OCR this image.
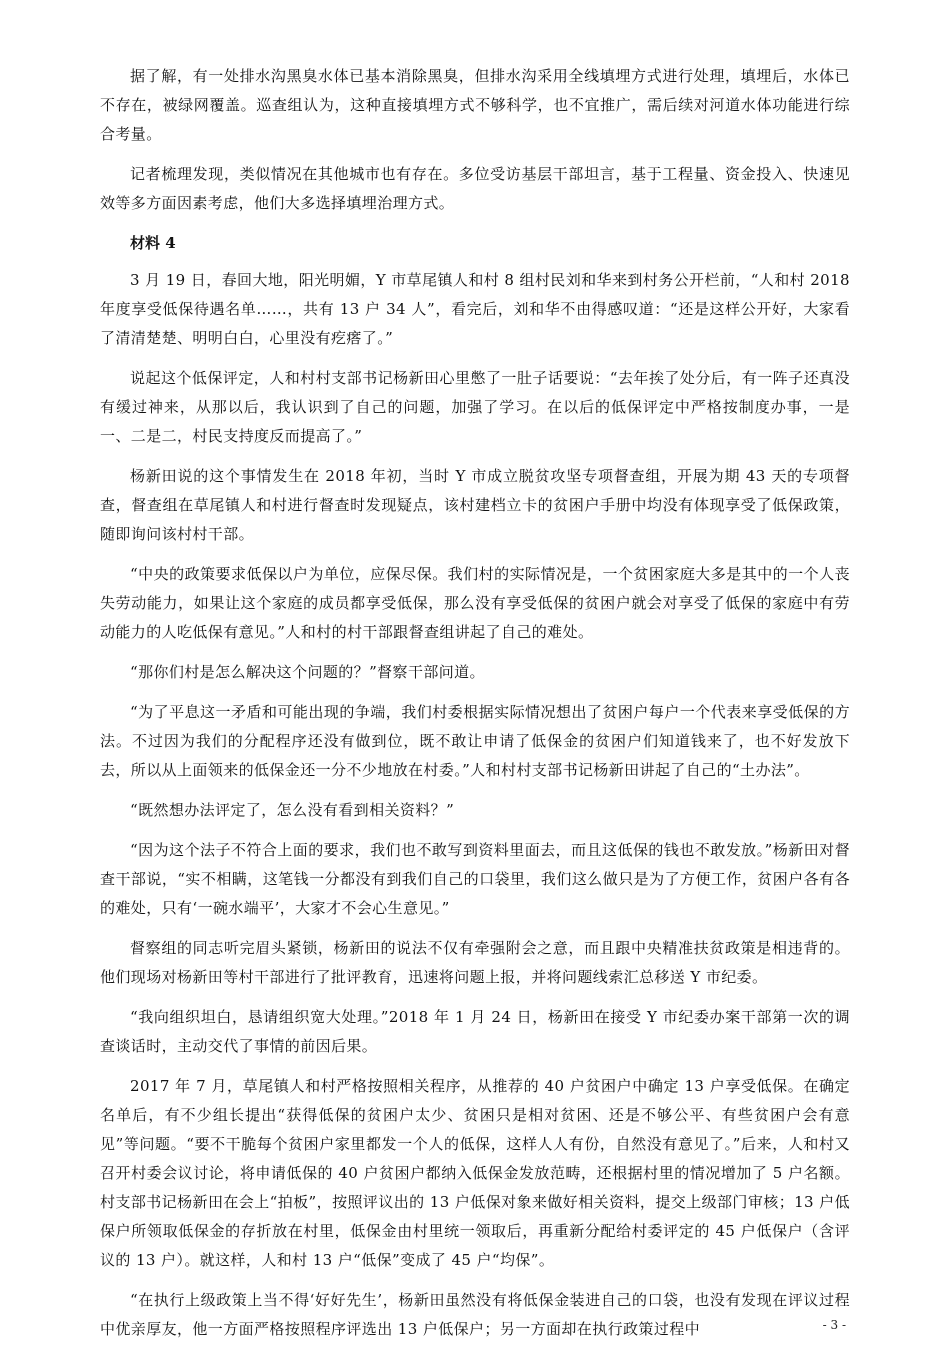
据了解，有一处排水沟黑臭水体已基本消除黑臭，但排水沟采用全线填埋方式进行处理，填埋后，水体已不存在，被绿网覆盖。巡查组认为，这种直接填埋方式不够科学，也不宜推广，需后续对河道水体功能进行综合考量。

记者梳理发现，类似情况在其他城市也有存在。多位受访基层干部坦言，基于工程量、资金投入、快速见效等多方面因素考虑，他们大多选择填埋治理方式。

材料 4

3 月 19 日，春回大地，阳光明媚，Y 市草尾镇人和村 8 组村民刘和华来到村务公开栏前，“人和村 2018 年度享受低保待遇名单……，共有 13 户 34 人”，看完后，刘和华不由得感叹道：“还是这样公开好，大家看了清清楚楚、明明白白，心里没有疙瘩了。”

说起这个低保评定，人和村村支部书记杨新田心里憋了一肚子话要说：“去年挨了处分后，有一阵子还真没有缓过神来，从那以后，我认识到了自己的问题，加强了学习。在以后的低保评定中严格按制度办事，一是一、二是二，村民支持度反而提高了。”

杨新田说的这个事情发生在 2018 年初，当时 Y 市成立脱贫攻坚专项督查组，开展为期 43 天的专项督查，督查组在草尾镇人和村进行督查时发现疑点，该村建档立卡的贫困户手册中均没有体现享受了低保政策，随即询问该村村干部。

“中央的政策要求低保以户为单位，应保尽保。我们村的实际情况是，一个贫困家庭大多是其中的一个人丧失劳动能力，如果让这个家庭的成员都享受低保，那么没有享受低保的贫困户就会对享受了低保的家庭中有劳动能力的人吃低保有意见。”人和村的村干部跟督查组讲起了自己的难处。

“那你们村是怎么解决这个问题的？”督察干部问道。

“为了平息这一矛盾和可能出现的争端，我们村委根据实际情况想出了贫困户每户一个代表来享受低保的方法。不过因为我们的分配程序还没有做到位，既不敢让申请了低保金的贫困户们知道钱来了，也不好发放下去，所以从上面领来的低保金还一分不少地放在村委。”人和村村支部书记杨新田讲起了自己的“土办法”。

“既然想办法评定了，怎么没有看到相关资料？”

“因为这个法子不符合上面的要求，我们也不敢写到资料里面去，而且这低保的钱也不敢发放。”杨新田对督查干部说，“实不相瞒，这笔钱一分都没有到我们自己的口袋里，我们这么做只是为了方便工作，贫困户各有各的难处，只有‘一碗水端平’，大家才不会心生意见。”

督察组的同志听完眉头紧锁，杨新田的说法不仅有牵强附会之意，而且跟中央精准扶贫政策是相违背的。他们现场对杨新田等村干部进行了批评教育，迅速将问题上报，并将问题线索汇总移送 Y 市纪委。

“我向组织坦白，恳请组织宽大处理。”2018 年 1 月 24 日，杨新田在接受 Y 市纪委办案干部第一次的调查谈话时，主动交代了事情的前因后果。

2017 年 7 月，草尾镇人和村严格按照相关程序，从推荐的 40 户贫困户中确定 13 户享受低保。在确定名单后，有不少组长提出“获得低保的贫困户太少、贫困只是相对贫困、还是不够公平、有些贫困户会有意见”等问题。“要不干脆每个贫困户家里都发一个人的低保，这样人人有份，自然没有意见了。”后来，人和村又召开村委会议讨论，将申请低保的 40 户贫困户都纳入低保金发放范畴，还根据村里的情况增加了 5 户名额。村支部书记杨新田在会上“拍板”，按照评议出的 13 户低保对象来做好相关资料，提交上级部门审核；13 户低保户所领取低保金的存折放在村里，低保金由村里统一领取后，再重新分配给村委评定的 45 户低保户（含评议的 13 户）。就这样，人和村 13 户“低保”变成了 45 户“均保”。

“在执行上级政策上当不得‘好好先生’，杨新田虽然没有将低保金装进自己的口袋，也没有发现在评议过程中优亲厚友，他一方面严格按照程序评选出 13 户低保户；另一方面却在执行政策过程中	- 3 -
